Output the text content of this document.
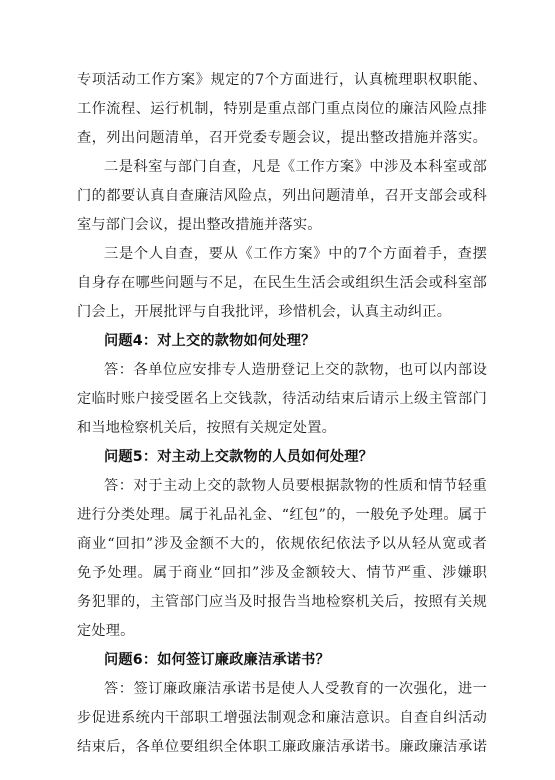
专项活动工作方案》规定的7个方面进行，认真梳理职权职能、
工作流程、运行机制，特别是重点部门重点岗位的廉洁风险点排
查，列出问题清单，召开党委专题会议，提出整改措施并落实。
二是科室与部门自查，凡是《工作方案》中涉及本科室或部
门的都要认真自查廉洁风险点，列出问题清单，召开支部会或科
室与部门会议，提出整改措施并落实。
三是个人自查，要从《工作方案》中的7个方面着手，查摆
自身存在哪些问题与不足，在民生生活会或组织生活会或科室部
门会上，开展批评与自我批评，珍惜机会，认真主动纠正。
问题4：对上交的款物如何处理？
答：各单位应安排专人造册登记上交的款物，也可以内部设
定临时账户接受匿名上交钱款，待活动结束后请示上级主管部门
和当地检察机关后，按照有关规定处置。
问题5：对主动上交款物的人员如何处理？
答：对于主动上交的款物人员要根据款物的性质和情节轻重
进行分类处理。属于礼品礼金、“红包”的，一般免予处理。属于
商业“回扣”涉及金额不大的，依规依纪依法予以从轻从宽或者
免予处理。属于商业“回扣”涉及金额较大、情节严重、涉嫌职
务犯罪的，主管部门应当及时报告当地检察机关后，按照有关规
定处理。
问题6：如何签订廉政廉洁承诺书？
答：签订廉政廉洁承诺书是使人人受教育的一次强化，进一
步促进系统内干部职工增强法制观念和廉洁意识。自查自纠活动
结束后，各单位要组织全体职工廉政廉洁承诺书。廉政廉洁承诺
